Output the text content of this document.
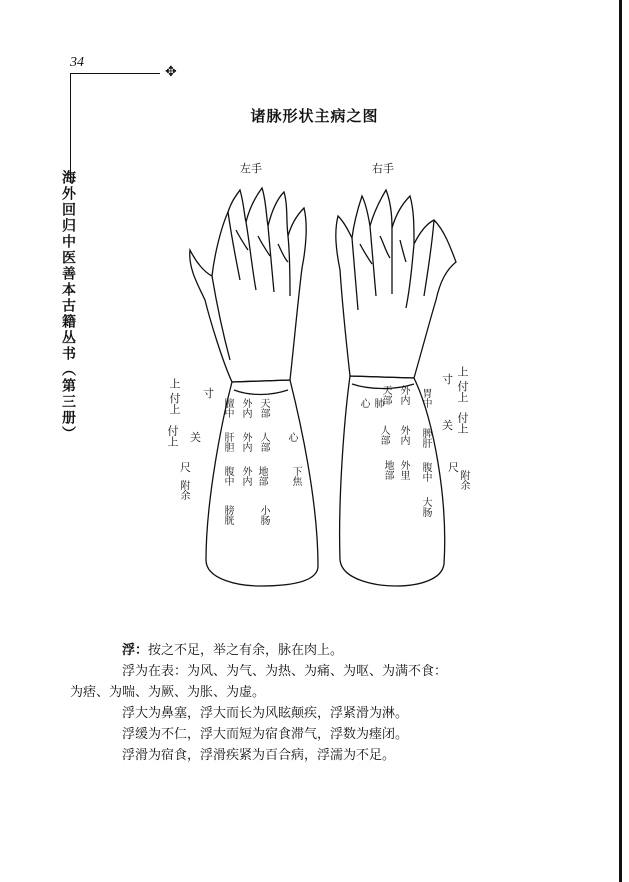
34
✥
海外回归中医善本古籍丛书（第三册）
诸脉形状主病之图
左手	右手
上 付上
付上
寸
关
尺
附余
天部
人部
地部
小肠
外内
外内
外内
膻中
肝胆
腹中
膀胱
心
下焦
天部
人部
地部
外内
外内
外里
胃中
脾肝
腹中
大肠
心 肺
上 付上
付上
寸
关
尺
附余

浮：按之不足，举之有余，脉在肉上。

浮为在表：为风、为气、为热、为痛、为呕、为满不食：

为痞、为喘、为厥、为胀、为虚。

浮大为鼻塞，浮大而长为风眩颠疾，浮紧滑为淋。

浮缓为不仁，浮大而短为宿食滞气，浮数为瘗闭。

浮滑为宿食，浮滑疾紧为百合病，浮濡为不足。
